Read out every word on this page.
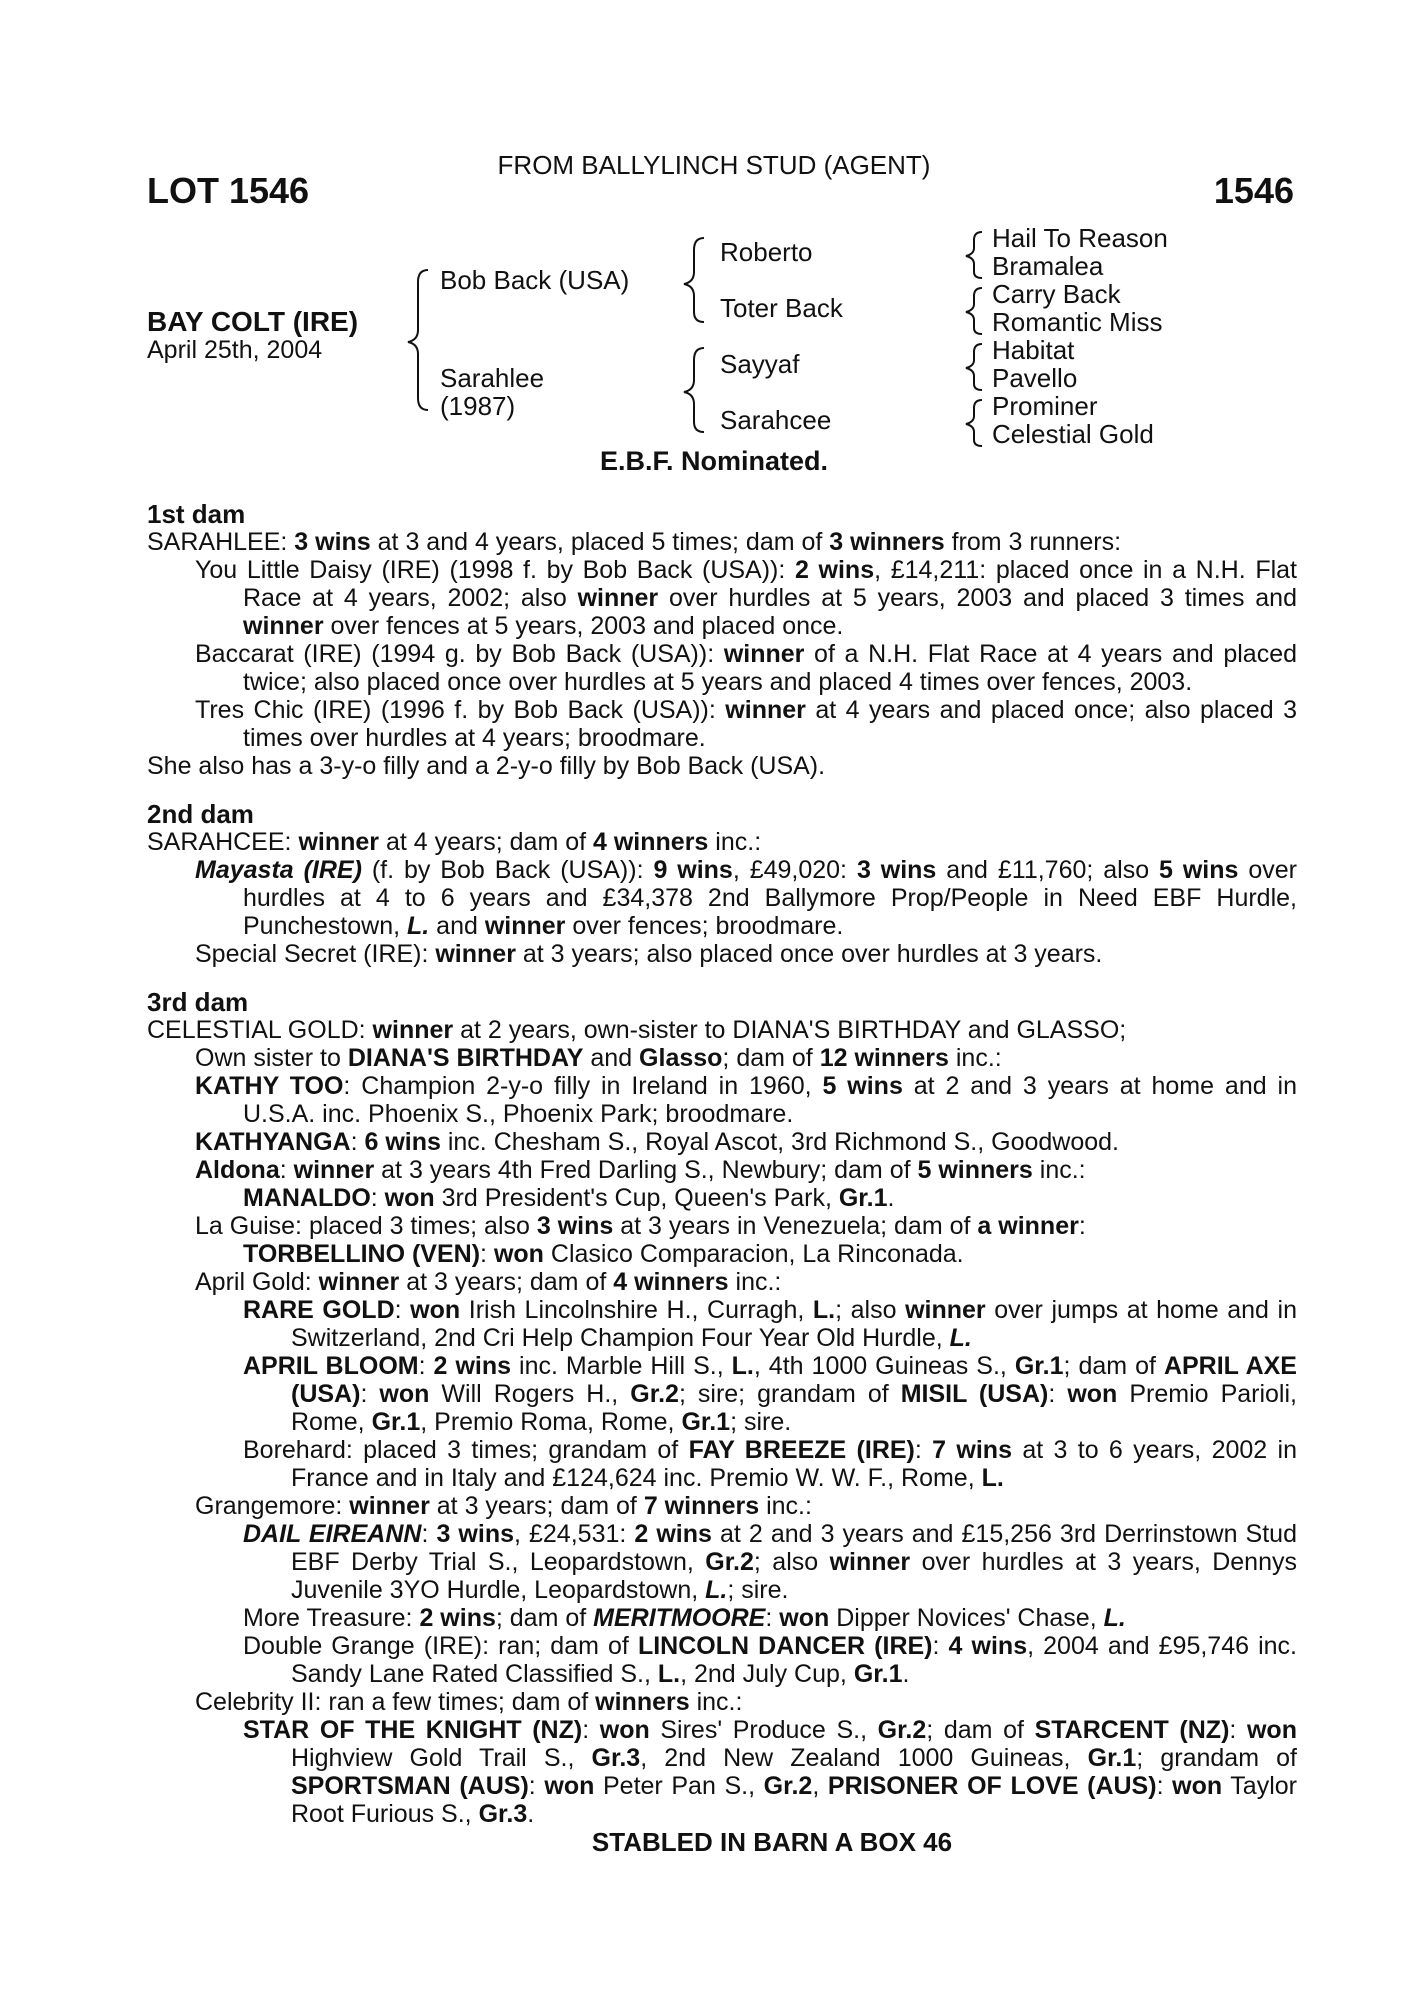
FROM BALLYLINCH STUD (AGENT)
LOT 1546	1546
BAY COLT (IRE)
April 25th, 2004
Bob Back (USA)
Sarahlee
(1987)
Roberto
Toter Back
Sayyaf
Sarahcee
Hail To Reason
Bramalea
Carry Back
Romantic Miss
Habitat
Pavello
Prominer
Celestial Gold
E.B.F. Nominated.
1st dam
SARAHLEE: 3 wins at 3 and 4 years, placed 5 times; dam of 3 winners from 3 runners:
You Little Daisy (IRE) (1998 f. by Bob Back (USA)): 2 wins, £14,211: placed once in a N.H. Flat Race at 4 years, 2002; also winner over hurdles at 5 years, 2003 and placed 3 times and winner over fences at 5 years, 2003 and placed once.
Baccarat (IRE) (1994 g. by Bob Back (USA)): winner of a N.H. Flat Race at 4 years and placed twice; also placed once over hurdles at 5 years and placed 4 times over fences, 2003.
Tres Chic (IRE) (1996 f. by Bob Back (USA)): winner at 4 years and placed once; also placed 3 times over hurdles at 4 years; broodmare.
She also has a 3-y-o filly and a 2-y-o filly by Bob Back (USA).
2nd dam
SARAHCEE: winner at 4 years; dam of 4 winners inc.:
Mayasta (IRE) (f. by Bob Back (USA)): 9 wins, £49,020: 3 wins and £11,760; also 5 wins over hurdles at 4 to 6 years and £34,378 2nd Ballymore Prop/People in Need EBF Hurdle, Punchestown, L. and winner over fences; broodmare.
Special Secret (IRE): winner at 3 years; also placed once over hurdles at 3 years.
3rd dam
CELESTIAL GOLD: winner at 2 years, own-sister to DIANA'S BIRTHDAY and GLASSO;
Own sister to DIANA'S BIRTHDAY and Glasso; dam of 12 winners inc.:
KATHY TOO: Champion 2-y-o filly in Ireland in 1960, 5 wins at 2 and 3 years at home and in U.S.A. inc. Phoenix S., Phoenix Park; broodmare.
KATHYANGA: 6 wins inc. Chesham S., Royal Ascot, 3rd Richmond S., Goodwood.
Aldona: winner at 3 years 4th Fred Darling S., Newbury; dam of 5 winners inc.:
MANALDO: won 3rd President's Cup, Queen's Park, Gr.1.
La Guise: placed 3 times; also 3 wins at 3 years in Venezuela; dam of a winner:
TORBELLINO (VEN): won Clasico Comparacion, La Rinconada.
April Gold: winner at 3 years; dam of 4 winners inc.:
RARE GOLD: won Irish Lincolnshire H., Curragh, L.; also winner over jumps at home and in Switzerland, 2nd Cri Help Champion Four Year Old Hurdle, L.
APRIL BLOOM: 2 wins inc. Marble Hill S., L., 4th 1000 Guineas S., Gr.1; dam of APRIL AXE (USA): won Will Rogers H., Gr.2; sire; grandam of MISIL (USA): won Premio Parioli, Rome, Gr.1, Premio Roma, Rome, Gr.1; sire.
Borehard: placed 3 times; grandam of FAY BREEZE (IRE): 7 wins at 3 to 6 years, 2002 in France and in Italy and £124,624 inc. Premio W. W. F., Rome, L.
Grangemore: winner at 3 years; dam of 7 winners inc.:
DAIL EIREANN: 3 wins, £24,531: 2 wins at 2 and 3 years and £15,256 3rd Derrinstown Stud EBF Derby Trial S., Leopardstown, Gr.2; also winner over hurdles at 3 years, Dennys Juvenile 3YO Hurdle, Leopardstown, L.; sire.
More Treasure: 2 wins; dam of MERITMOORE: won Dipper Novices' Chase, L.
Double Grange (IRE): ran; dam of LINCOLN DANCER (IRE): 4 wins, 2004 and £95,746 inc. Sandy Lane Rated Classified S., L., 2nd July Cup, Gr.1.
Celebrity II: ran a few times; dam of winners inc.:
STAR OF THE KNIGHT (NZ): won Sires' Produce S., Gr.2; dam of STARCENT (NZ): won Highview Gold Trail S., Gr.3, 2nd New Zealand 1000 Guineas, Gr.1; grandam of SPORTSMAN (AUS): won Peter Pan S., Gr.2, PRISONER OF LOVE (AUS): won Taylor Root Furious S., Gr.3.
STABLED IN BARN A BOX 46
